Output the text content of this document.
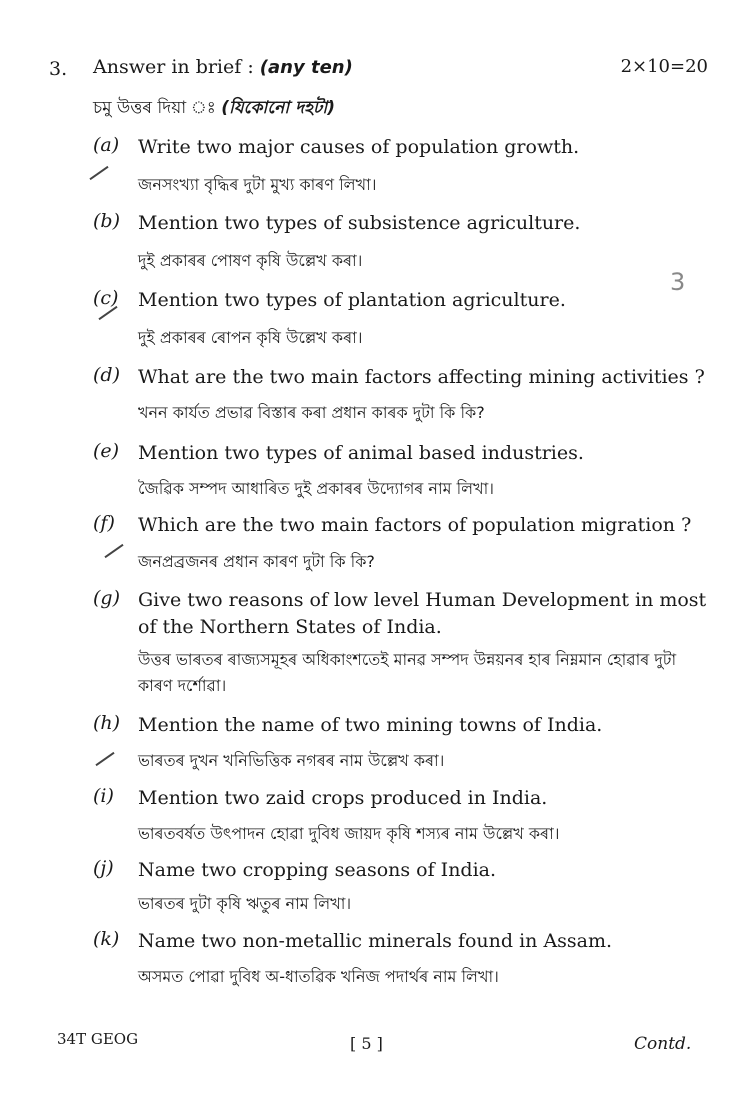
3. Answer in brief : (any ten)	2×10=20
চমু উত্তৰ দিয়া ঃ (যিকোনো দহটা)
3
(a) Write two major causes of population growth.
জনসংখ্যা বৃদ্ধিৰ দুটা মুখ্য কাৰণ লিখা।
(b) Mention two types of subsistence agriculture.
দুই প্ৰকাৰৰ পোষণ কৃষি উল্লেখ কৰা।
(c) Mention two types of plantation agriculture.
দুই প্ৰকাৰৰ ৰোপন কৃষি উল্লেখ কৰা।
(d) What are the two main factors affecting mining activities ?
খনন কাৰ্যত প্ৰভাৱ বিস্তাৰ কৰা প্ৰধান কাৰক দুটা কি কি?
(e) Mention two types of animal based industries.
জৈৱিক সম্পদ আধাৰিত দুই প্ৰকাৰৰ উদ্যোগৰ নাম লিখা।
(f) Which are the two main factors of population migration ?
জনপ্ৰব্ৰজনৰ প্ৰধান কাৰণ দুটা কি কি?
(g) Give two reasons of low level Human Development in most of the Northern States of India.
উত্তৰ ভাৰতৰ ৰাজ্যসমূহৰ অধিকাংশতেই মানৱ সম্পদ উন্নয়নৰ হাৰ নিম্নমান হোৱাৰ দুটা কাৰণ দৰ্শোৱা।
(h) Mention the name of two mining towns of India.
ভাৰতৰ দুখন খনিভিত্তিক নগৰৰ নাম উল্লেখ কৰা।
(i) Mention two zaid crops produced in India.
ভাৰতবৰ্ষত উৎপাদন হোৱা দুবিধ জায়দ কৃষি শস্যৰ নাম উল্লেখ কৰা।
(j) Name two cropping seasons of India.
ভাৰতৰ দুটা কৃষি ঋতুৰ নাম লিখা।
(k) Name two non-metallic minerals found in Assam.
অসমত পোৱা দুবিধ অ-ধাতৱিক খনিজ পদাৰ্থৰ নাম লিখা।
34T GEOG	[ 5 ]	Contd.
